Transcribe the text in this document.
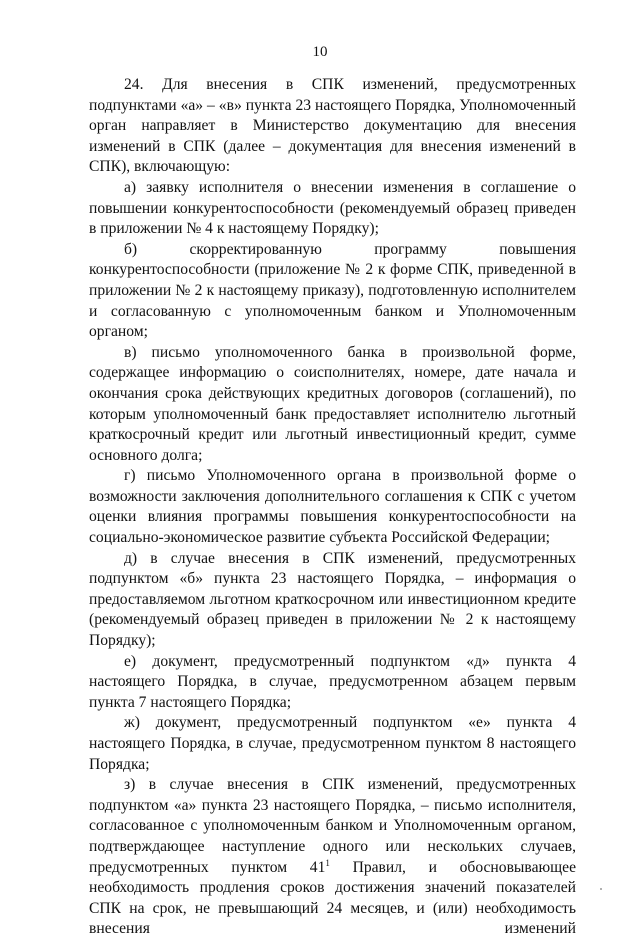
10

24. Для внесения в СПК изменений, предусмотренных подпунктами «а» – «в» пункта 23 настоящего Порядка, Уполномоченный орган направляет в Министерство документацию для внесения изменений в СПК (далее – документация для внесения изменений в СПК), включающую:

а) заявку исполнителя о внесении изменения в соглашение о повышении конкурентоспособности (рекомендуемый образец приведен в приложении № 4 к настоящему Порядку);

б) скорректированную программу повышения конкурентоспособности (приложение № 2 к форме СПК, приведенной в приложении № 2 к настоящему приказу), подготовленную исполнителем и согласованную с уполномоченным банком и Уполномоченным органом;

в) письмо уполномоченного банка в произвольной форме, содержащее информацию о соисполнителях, номере, дате начала и окончания срока действующих кредитных договоров (соглашений), по которым уполномоченный банк предоставляет исполнителю льготный краткосрочный кредит или льготный инвестиционный кредит, сумме основного долга;

г) письмо Уполномоченного органа в произвольной форме о возможности заключения дополнительного соглашения к СПК с учетом оценки влияния программы повышения конкурентоспособности на социально-экономическое развитие субъекта Российской Федерации;

д) в случае внесения в СПК изменений, предусмотренных подпунктом «б» пункта 23 настоящего Порядка, – информация о предоставляемом льготном краткосрочном или инвестиционном кредите (рекомендуемый образец приведен в приложении № 2 к настоящему Порядку);

е) документ, предусмотренный подпунктом «д» пункта 4 настоящего Порядка, в случае, предусмотренном абзацем первым пункта 7 настоящего Порядка;

ж) документ, предусмотренный подпунктом «е» пункта 4 настоящего Порядка, в случае, предусмотренном пунктом 8 настоящего Порядка;

з) в случае внесения в СПК изменений, предусмотренных подпунктом «а» пункта 23 настоящего Порядка, – письмо исполнителя, согласованное с уполномоченным банком и Уполномоченным органом, подтверждающее наступление одного или нескольких случаев, предусмотренных пунктом $41^1$ Правил, и обосновывающее необходимость продления сроков достижения значений показателей СПК на срок, не превышающий 24 месяцев, и (или) необходимость внесения изменений
